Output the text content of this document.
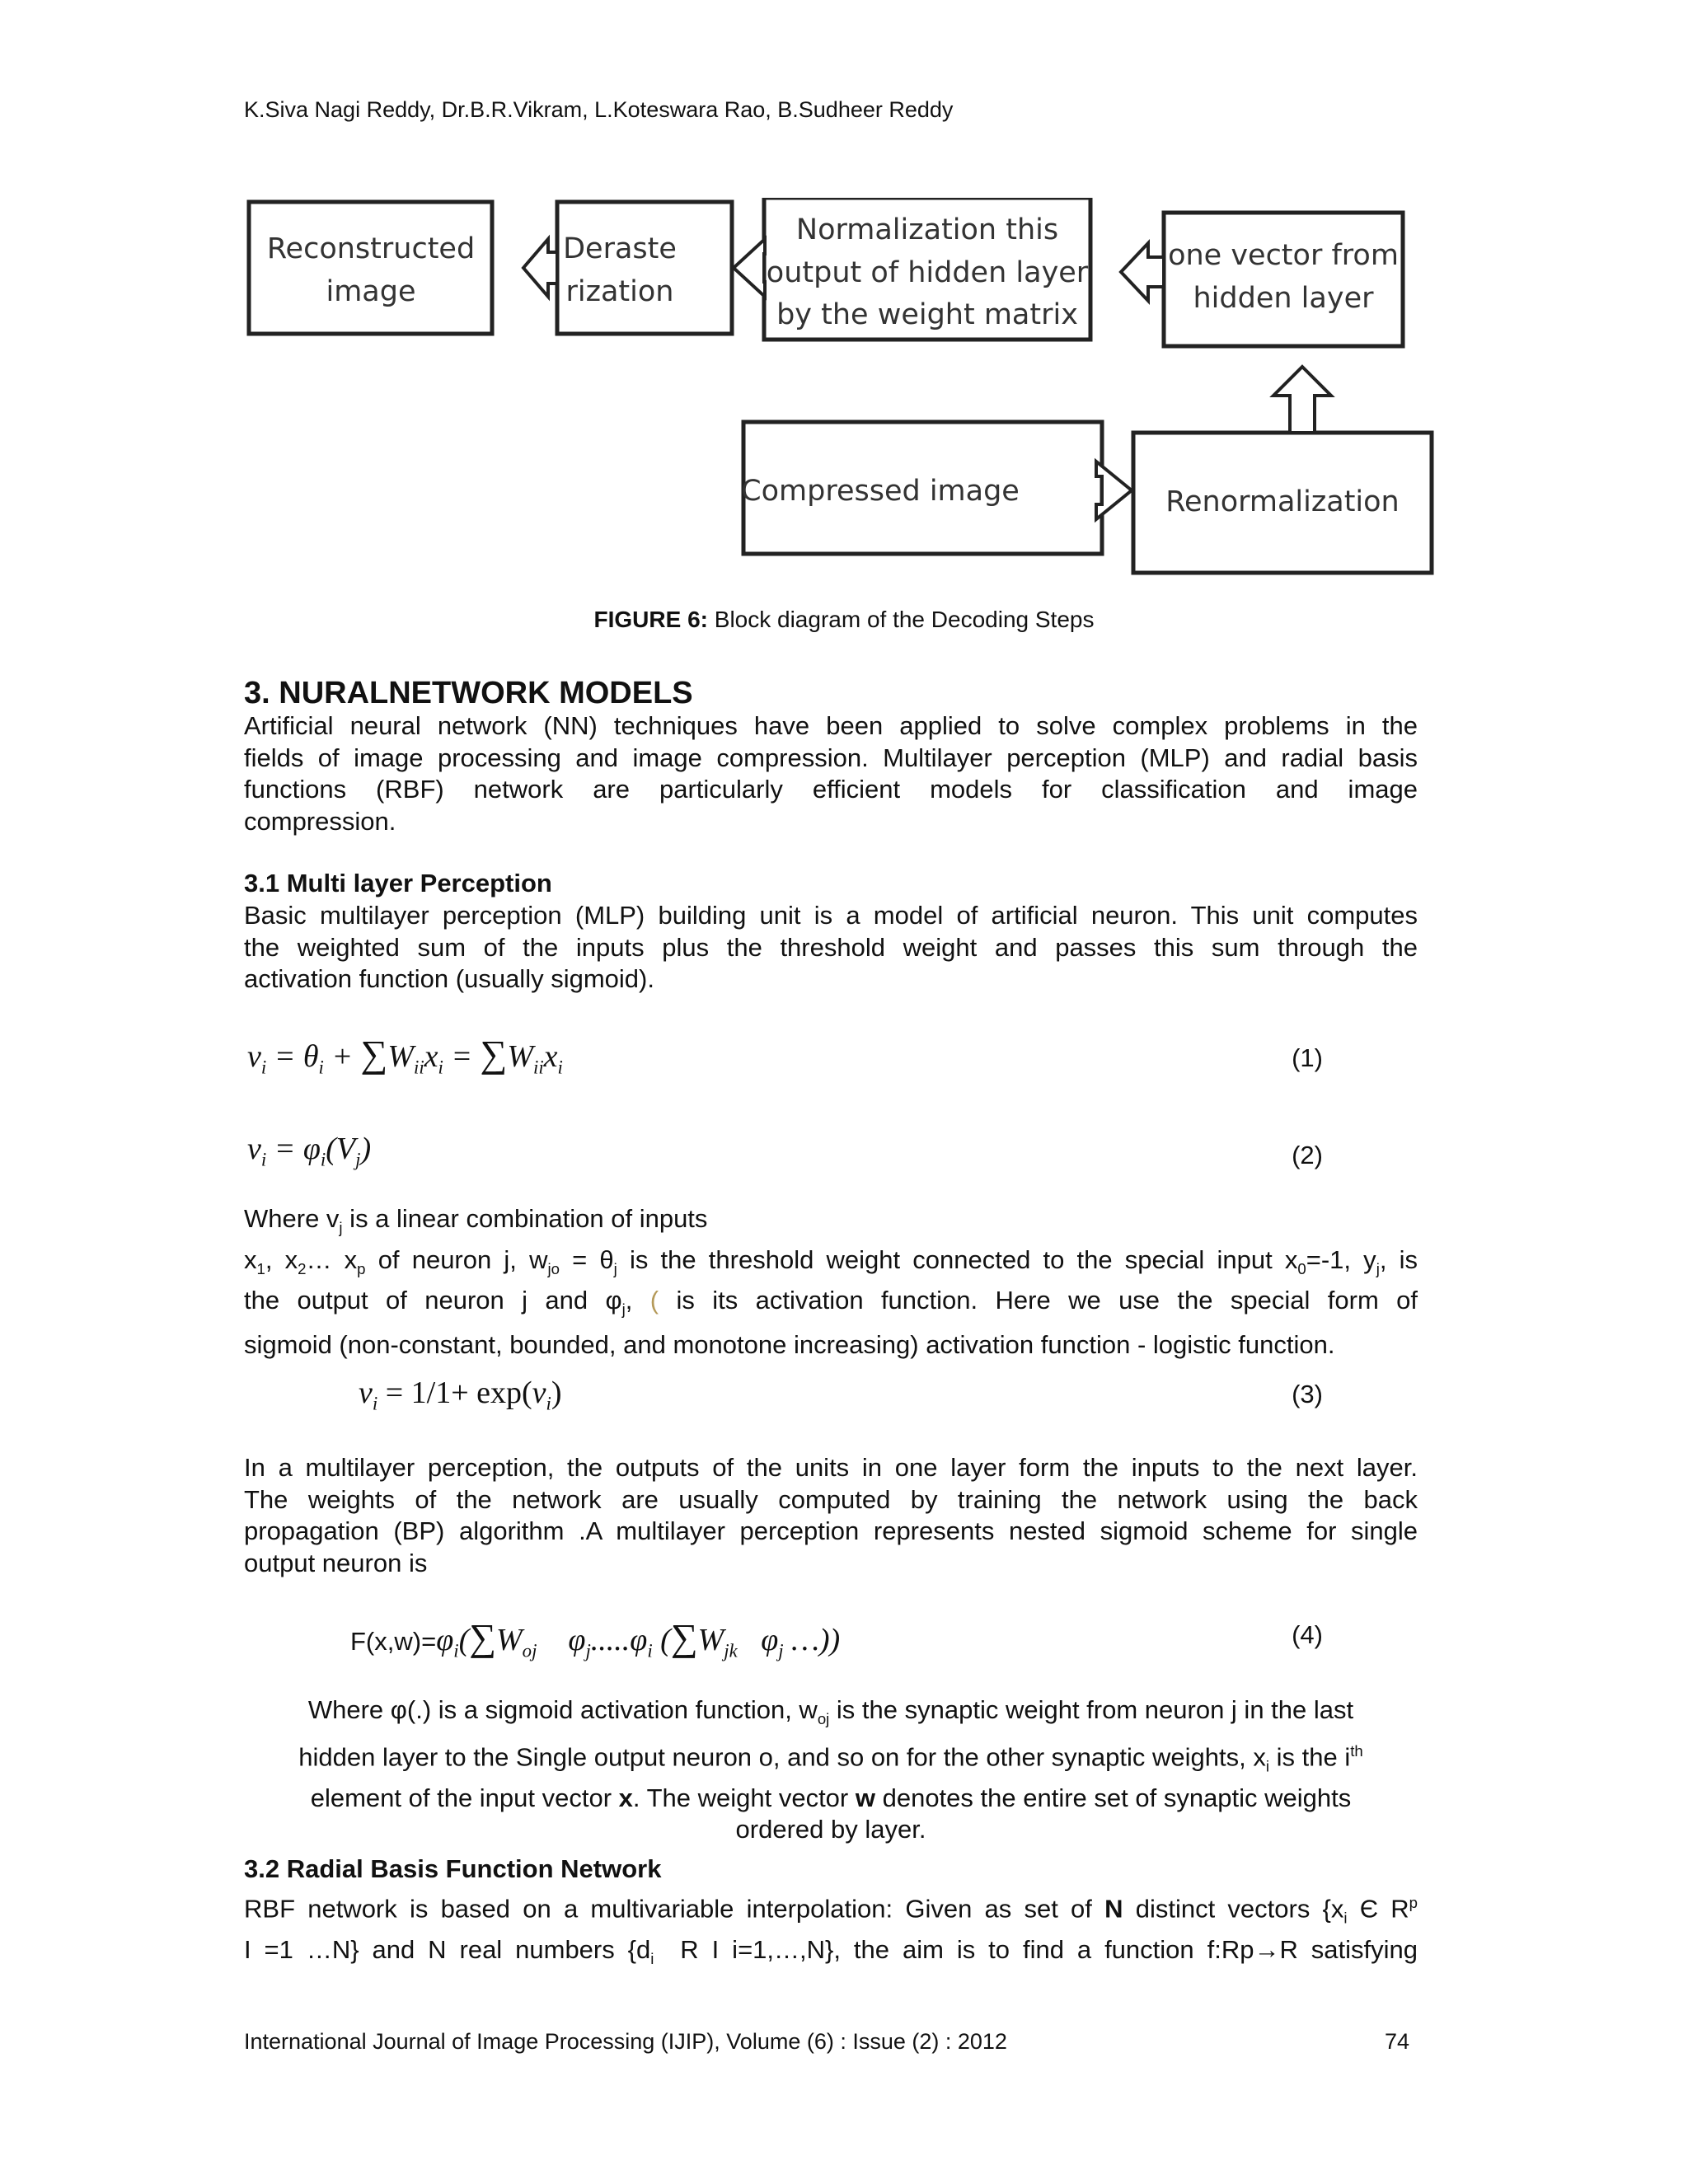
K.Siva Nagi Reddy, Dr.B.R.Vikram, L.Koteswara Rao, B.Sudheer Reddy
Reconstructed
image
Deraste
rization
Normalization this
output of hidden layer
by the weight matrix
one vector from
hidden layer
Compressed image	Renormalization
FIGURE 6: Block diagram of the Decoding Steps
3. NURALNETWORK MODELS
Artificial neural network (NN) techniques have been applied to solve complex problems in the
fields of image processing and image compression. Multilayer perception (MLP) and radial basis
functions (RBF) network are particularly efficient models for classification and image
compression.
3.1 Multi layer Perception
Basic multilayer perception (MLP) building unit is a model of artificial neuron. This unit computes
the weighted sum of the inputs plus the threshold weight and passes this sum through the
activation function (usually sigmoid).
$v_i = \theta_i + \sum W_{ii}x_i = \sum W_{ii}x_i$	(1)
$v_i = \varphi_i(V_j)$	(2)
Where $v_j$ is a linear combination of inputs
$x_1$, $x_2\dots$ $x_p$ of neuron j, $w_{jo} = \theta_j$ is the threshold weight connected to the special input $x_0=-1$, $y_j$, is
the output of neuron j and $\varphi_j$, ( is its activation function. Here we use the special form of
sigmoid (non-constant, bounded, and monotone increasing) activation function - logistic function.
$v_i = 1/1+ \exp(v_i)$	(3)
In a multilayer perception, the outputs of the units in one layer form the inputs to the next layer.
The weights of the network are usually computed by training the network using the back
propagation (BP) algorithm .A multilayer perception represents nested sigmoid scheme for single
output neuron is
$F(x,w)=\varphi_i(\sum W_{oj}$    $\varphi_j.....\varphi_i$ ($\sum W_{jk}$   $\varphi_j$ …))	(4)
Where φ(.) is a sigmoid activation function, $w_{oj}$ is the synaptic weight from neuron j in the last
hidden layer to the Single output neuron o, and so on for the other synaptic weights, $x_i$ is the $i^{th}$
element of the input vector x. The weight vector w denotes the entire set of synaptic weights
ordered by layer.
3.2 Radial Basis Function Network
RBF network is based on a multivariable interpolation: Given as set of N distinct vectors {$x_i$ Є $R^p$
I =1 …N} and N real numbers {$d_i$  R I i=1,…,N}, the aim is to find a function f:Rp→R satisfying
International Journal of Image Processing (IJIP), Volume (6) : Issue (2) : 2012	74
